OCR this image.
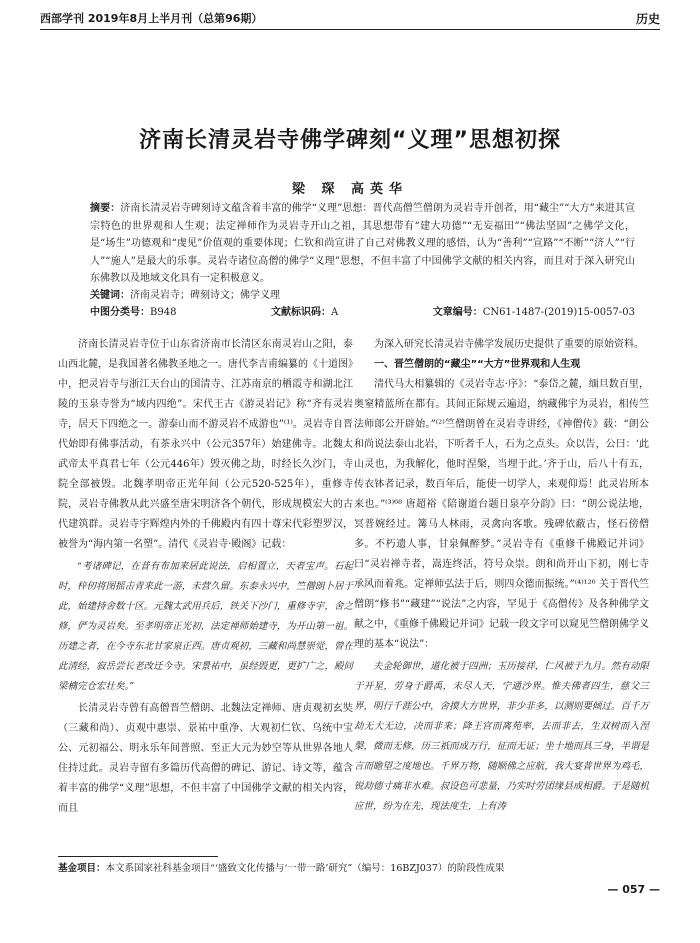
西部学刊 2019年8月上半月刊（总第96期）	历史
济南长清灵岩寺佛学碑刻“义理”思想初探
梁 琛 高英华
摘要：济南长清灵岩寺碑刻诗文蕴含着丰富的佛学“义理”思想：晋代高僧竺僧朗为灵岩寺开创者，用“藏尘”“大方”来进其宣宗特色的世界观和人生观；法定禅师作为灵岩寺开山之祖，其思想带有“建大功德”“无妄福田”“佛法坚固”之佛学文化，是“场生”功德观和“虔见”价值观的重要体现；仁钦和尚宣讲了自己对佛教义理的感悟，认为“善利”“宣路”“不断”“济人”“行人”“施人”是最大的乐事。灵岩寺诸位高僧的佛学“义理”思想，不但丰富了中国佛学文献的相关内容，而且对于深入研究山东佛教以及地域文化具有一定积极意义。
关键词：济南灵岩寺；碑刻诗文；佛学义理
中图分类号：B948	文献标识码：A	文章编号：CN61-1487-(2019)15-0057-03

济南长清灵岩寺位于山东省济南市长清区东南灵岩山之阳，泰山西北麓，是我国著名佛教圣地之一。唐代李吉甫编纂的《十道图》中，把灵岩寺与浙江天台山的国清寺、江苏南京的栖霞寺和湖北江陵的玉泉寺誉为“域内四绝”。宋代王古《游灵岩记》称“齐有灵岩寺，居天下四绝之一。游泰山而不游灵岩不成游也”⁽¹⁾。灵岩寺自晋代始即有佛事活动，有茶永兴中（公元357年）始建佛寺。北魏太武帝太平真君七年（公元446年）毁灭佛之劫，时经长久沙门，寺院全部被毁。北魏孝明帝正光年间（公元520-525年），重修寺院，灵岩寺佛教从此兴盛至唐宋明济各个朝代，形成规模宏大的古代建筑群。灵岩寺宇辉煌内外的千佛殿内有四十尊宋代彩塑罗汉，被誉为“海内第一名塑”。清代《灵岩寺·殿阁》记载：

“考诸碑记，在昔有布加来居此说法，启相置立，天者宝声。石起时，梓仞将图摇击青来此一游，未营久留。东泰永兴中，竺僧朗卜居于此，始建持舍数十区。元魏太武用兵后，铁关下沙门，重修寺宇，舍之修，俨为灵岩矣。至孝明帝正光初，法定禅师始建寺，为开山第一祖。历建之者，在今寺东北甘家泉正西。唐贞观初，三藏和尚慧崇觉，曾在此清经，寂岳尝长老改迁今寺。宋景祐中，虽经毁更，更扩广之，殿间梁楠完仓宏壮矣。”

长清灵岩寺曾有高僧晋竺僧朗、北魏法定禅师、唐贞观初玄奘（三藏和尚）、贞观中惠崇、景祐中重净、大观初仁钦、乌统中宝公、元初福公、明永乐年间普照、至正大元为妙空等从世界各地人住持过此。灵岩寺留有多篇历代高僧的碑记、游记、诗文等，蕴含着丰富的佛学“义理”思想，不但丰富了中国佛学文献的相关内容，而且

为深入研究长清灵岩寺佛学发展历史提供了重要的原始资料。

一、晋竺僧朗的“藏尘”“大方”世界观和人生观

清代马大相纂辑的《灵岩寺志·序》：“泰岱之麓，缅旦数百里，奥窒精蓝所在都有。其间正际规云遍迢，纳藏佛宇为灵岩，相传竺法师郎公开辟始。”⁽²⁾竺僧朗曾在灵岩寺讲经，《神僧传》载：“朗公和尚说法泰山北岩，下听者千人，石为之点头。众以告，公曰：‘此山灵也，为我解化，他时涅槃，当埋于此。’齐于山，后八十有五，传衣钵者记录，数百年后，能使一切学人，来观仰焉！此灵岩所本来也。”⁽³⁾⁶⁸ 唐超裕《陪谢道台题日泉亭分韵》曰：“朗公说法地，冥普婉经过。篝马人林雨，灵禽向客歌。残碑依蔽古，怪石傍僧多。不朽遗人事，甘泉佩醉梦。”灵岩寺有《重修千佛殿记并词》曰“灵岩禅寺者，嵩连终活，符号众崇。朗和尚开山下初，刚七寺承风而着兆。定禅师弘法于后，则四众德而振统。”⁽⁴⁾¹²⁶ 关于晋代竺僧朗“修书”“藏建”“说法”之内容，罕见于《高僧传》及各种佛学文献之中，《重修千佛殿记并词》记载一段文字可以窥见竺僧朗佛学义理的基本“说法”：

夫金轮御世，道化被于四洲；玉历接祥，仁风被于九月。然有动限于开星，劳身于爵禹，未尽人天，宁通沙界。惟夫佛者四生，慈父三界，明行千涯公中，舍摸大方世界，非少非多，以测则要倾过。百千万劫无大无边，决而非来；降王宫而离苑率，去而非去，生双树而入涅槃，微而无修，历三祇而成万行，征而无证；坐十地而具三身，半谓是言而瞻望之度地也。千界万物，随顺佛之应航，我大宴普世界为鸡毛，锐劫德寸痛非水难。叔设色可悲量，乃实时劳团缘县成相爵。于是随机应世，纷为在先，现法度生，上有涛

基金项目：本文系国家社科基金项目“‘盛致文化传播与‘一带一路’研究”（编号：16BZJ037）的阶段性成果
— 057 —
